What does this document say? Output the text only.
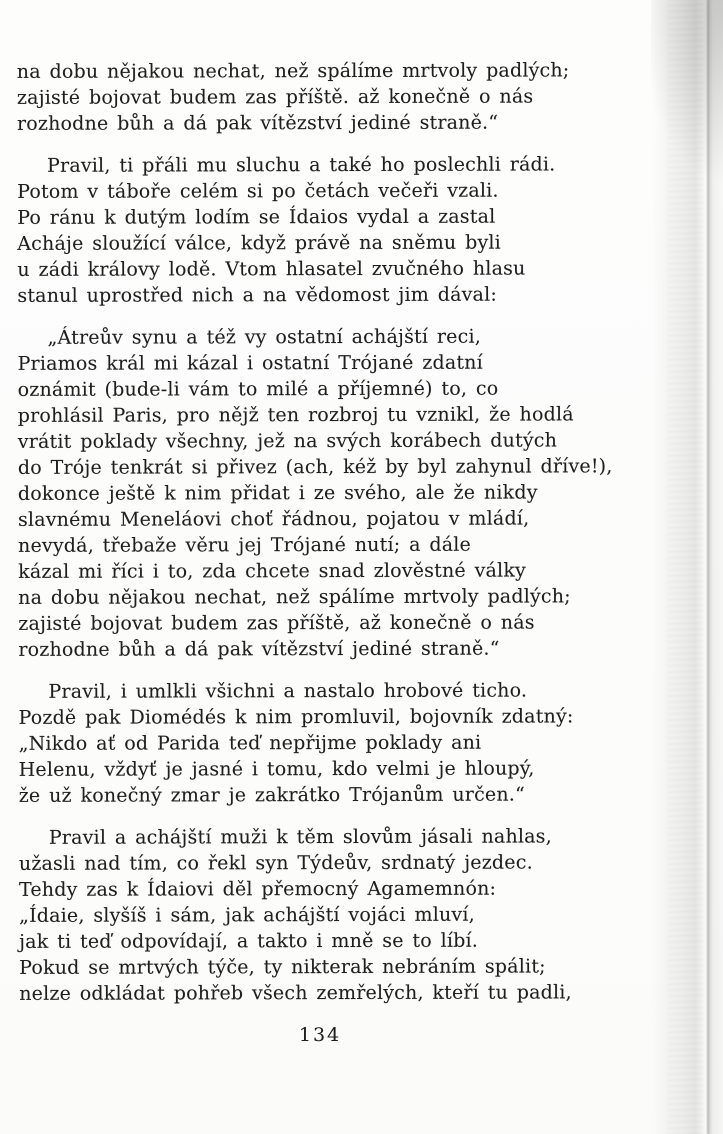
na dobu nějakou nechat, než spálíme mrtvoly padlých;
zajisté bojovat budem zas příště. až konečně o nás
rozhodne bůh a dá pak vítězství jediné straně.“

Pravil, ti přáli mu sluchu a také ho poslechli rádi.
Potom v táboře celém si po četách večeři vzali.
Po ránu k dutým lodím se Ídaios vydal a zastal
Acháje sloužící válce, když právě na sněmu byli
u zádi královy lodě. Vtom hlasatel zvučného hlasu
stanul uprostřed nich a na vědomost jim dával:

„Átreův synu a též vy ostatní achájští reci,
Priamos král mi kázal i ostatní Trójané zdatní
oznámit (bude-li vám to milé a příjemné) to, co
prohlásil Paris, pro nějž ten rozbroj tu vznikl, že hodlá
vrátit poklady všechny, jež na svých korábech dutých
do Tróje tenkrát si přivez (ach, kéž by byl zahynul dříve!),
dokonce ještě k nim přidat i ze svého, ale že nikdy
slavnému Meneláovi choť řádnou, pojatou v mládí,
nevydá, třebaže věru jej Trójané nutí; a dále
kázal mi říci i to, zda chcete snad zlověstné války
na dobu nějakou nechat, než spálíme mrtvoly padlých;
zajisté bojovat budem zas příště, až konečně o nás
rozhodne bůh a dá pak vítězství jediné straně.“

Pravil, i umlkli všichni a nastalo hrobové ticho.
Pozdě pak Diomédés k nim promluvil, bojovník zdatný:
„Nikdo ať od Parida teď nepřijme poklady ani
Helenu, vždyť je jasné i tomu, kdo velmi je hloupý,
že už konečný zmar je zakrátko Trójanům určen.“

Pravil a achájští muži k těm slovům jásali nahlas,
užasli nad tím, co řekl syn Týdeův, srdnatý jezdec.
Tehdy zas k Ídaiovi děl přemocný Agamemnón:
„Ídaie, slyšíš i sám, jak achájští vojáci mluví,
jak ti teď odpovídají, a takto i mně se to líbí.
Pokud se mrtvých týče, ty nikterak nebráním spálit;
nelze odkládat pohřeb všech zemřelých, kteří tu padli,

134
